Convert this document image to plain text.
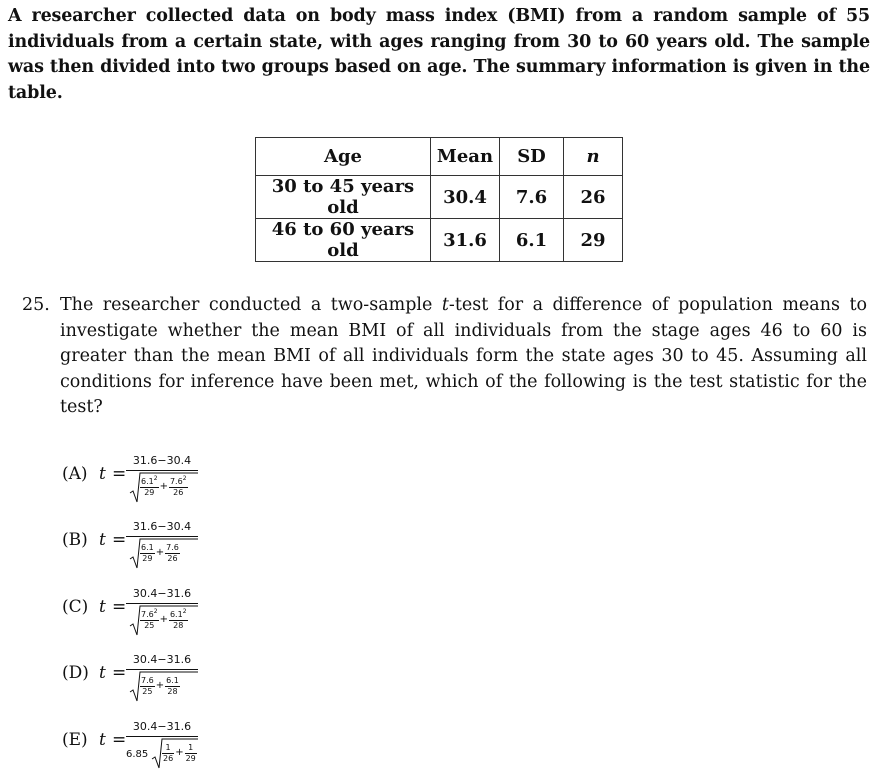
A researcher collected data on body mass index (BMI) from a random sample of 55 individuals from a certain state, with ages ranging from 30 to 60 years old. The sample was then divided into two groups based on age. The summary information is given in the table.
Age	Mean	SD	n
30 to 45 years old	30.4	7.6	26
46 to 60 years old	31.6	6.1	29
25. The researcher conducted a two-sample t-test for a difference of population means to investigate whether the mean BMI of all individuals from the stage ages 46 to 60 is greater than the mean BMI of all individuals form the state ages 30 to 45. Assuming all conditions for inference have been met, which of the following is the test statistic for the test?
(A) t =
31.6−30.4
$\frac{6.1^2}{29} + \frac{7.6^2}{26}$
(B) t =
31.6−30.4
$\frac{6.1}{29} + \frac{7.6}{26}$
(C) t =
30.4−31.6
$\frac{7.6^2}{25} + \frac{6.1^2}{28}$
(D) t =
30.4−31.6
$\frac{7.6}{25} + \frac{6.1}{28}$
(E) t =
30.4−31.6
$6.85 \frac{1}{26} + \frac{1}{29}$
